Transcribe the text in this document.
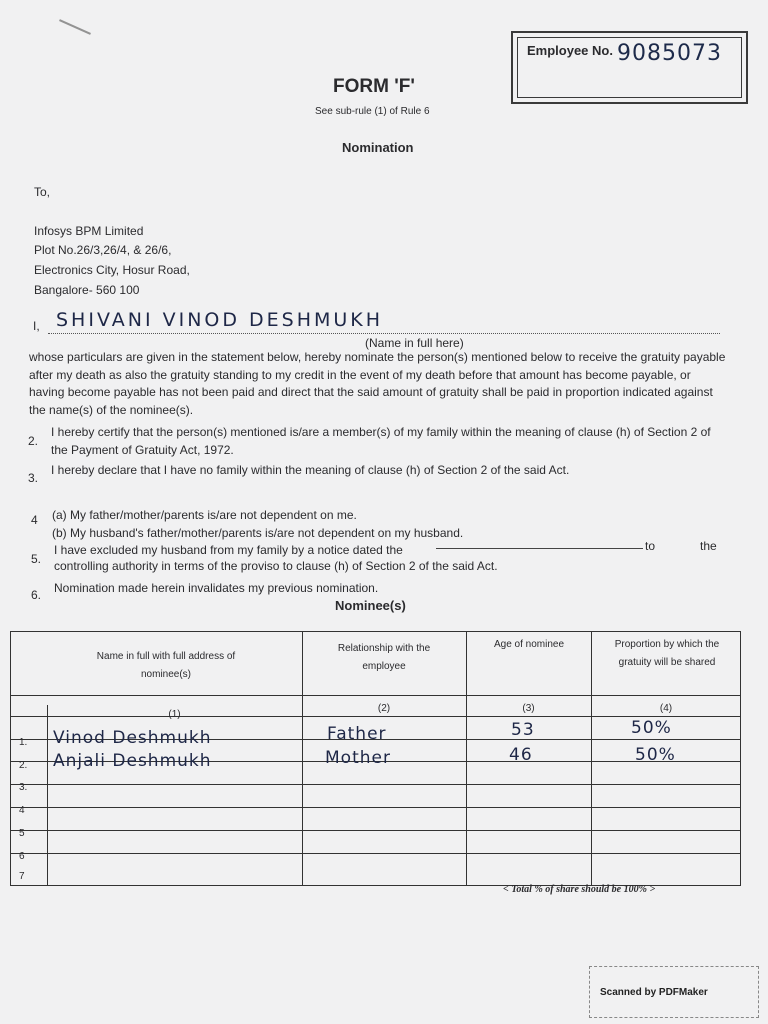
Employee No. 9085073
FORM 'F'
See sub-rule (1) of Rule 6
Nomination
To,
Infosys BPM Limited
Plot No.26/3,26/4, & 26/6,
Electronics City, Hosur Road,
Bangalore- 560 100
I, SHIVANI VINOD DESHMUKH
(Name in full here)
whose particulars are given in the statement below, hereby nominate the person(s) mentioned below to receive the gratuity payable after my death as also the gratuity standing to my credit in the event of my death before that amount has become payable, or having become payable has not been paid and direct that the said amount of gratuity shall be paid in proportion indicated against the name(s) of the nominee(s).
2.
I hereby certify that the person(s) mentioned is/are a member(s) of my family within the meaning of clause (h) of Section 2 of the Payment of Gratuity Act, 1972.
3.
I hereby declare that I have no family within the meaning of clause (h) of Section 2 of the said Act.
4 (a) My father/mother/parents is/are not dependent on me.
(b) My husband's father/mother/parents is/are not dependent on my husband.
5.
I have excluded my husband from my family by a notice dated the	to	the
controlling authority in terms of the proviso to clause (h) of Section 2 of the said Act.
6. Nomination made herein invalidates my previous nomination.
Nominee(s)
Name in full with full address of nominee(s)
Relationship with the employee
Age of nominee	Proportion by which the gratuity will be shared
(1)
(2)	(3)	(4)
1. Vinod Deshmukh	Father	53	50%
2. Anjali Deshmukh	Mother	46	50%
3.
4
5
6
7
< Total % of share should be 100% >
Scanned by PDFMaker
